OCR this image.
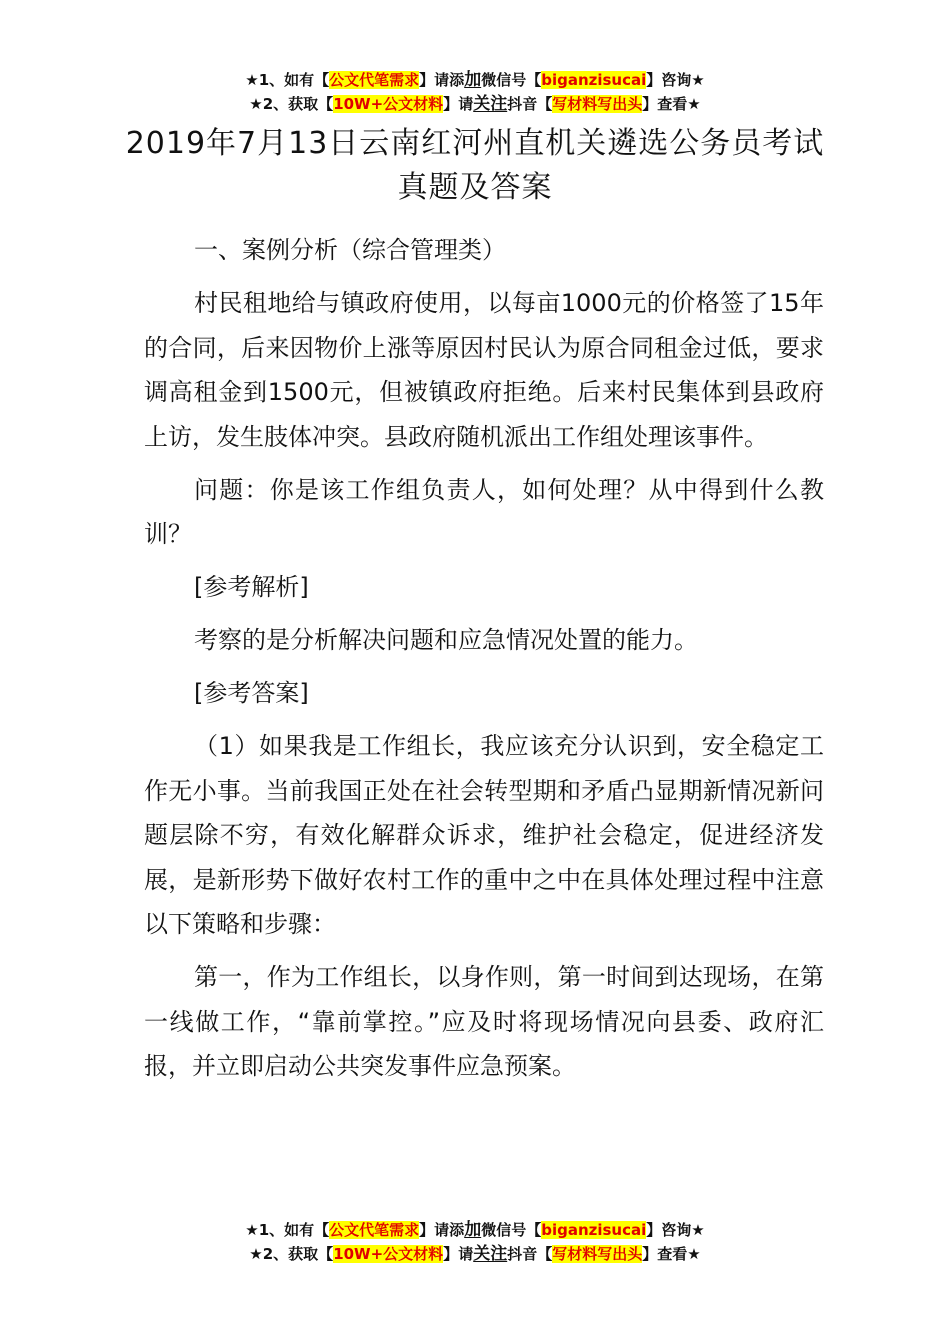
★1、如有【公文代笔需求】请添加微信号【biganzisucai】咨询★
★2、获取【10W+公文材料】请关注抖音【写材料写出头】查看★
2019年7月13日云南红河州直机关遴选公务员考试真题及答案

一、案例分析（综合管理类）

村民租地给与镇政府使用，以每亩1000元的价格签了15年的合同，后来因物价上涨等原因村民认为原合同租金过低，要求调高租金到1500元，但被镇政府拒绝。后来村民集体到县政府上访，发生肢体冲突。县政府随机派出工作组处理该事件。

问题：你是该工作组负责人，如何处理？从中得到什么教训？

[参考解析]

考察的是分析解决问题和应急情况处置的能力。

[参考答案]

（1）如果我是工作组长，我应该充分认识到，安全稳定工作无小事。当前我国正处在社会转型期和矛盾凸显期新情况新问题层除不穷，有效化解群众诉求，维护社会稳定，促进经济发展，是新形势下做好农村工作的重中之中在具体处理过程中注意以下策略和步骤：

第一，作为工作组长，以身作则，第一时间到达现场，在第一线做工作，“靠前掌控。”应及时将现场情况向县委、政府汇报，并立即启动公共突发事件应急预案。

★1、如有【公文代笔需求】请添加微信号【biganzisucai】咨询★
★2、获取【10W+公文材料】请关注抖音【写材料写出头】查看★
